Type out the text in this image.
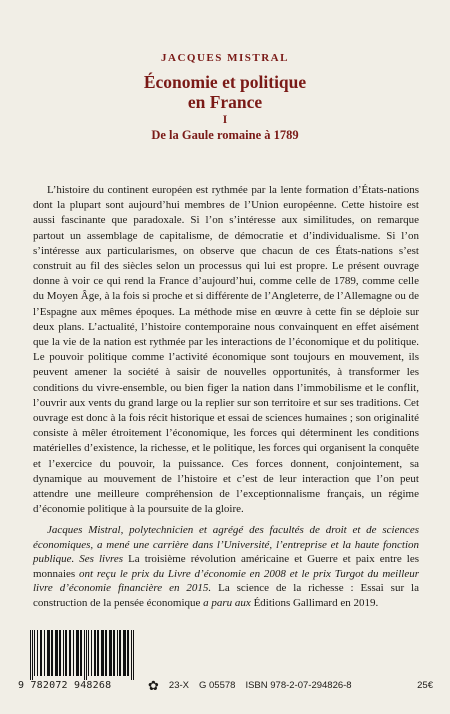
JACQUES MISTRAL
Économie et politique
en France
I
De la Gaule romaine à 1789
L’histoire du continent européen est rythmée par la lente formation d’États-nations dont la plupart sont aujourd’hui membres de l’Union européenne. Cette histoire est aussi fascinante que paradoxale. Si l’on s’intéresse aux similitudes, on remarque partout un assemblage de capitalisme, de démocratie et d’individualisme. Si l’on s’intéresse aux particularismes, on observe que chacun de ces États-nations s’est construit au fil des siècles selon un processus qui lui est propre. Le présent ouvrage donne à voir ce qui rend la France d’aujourd’hui, comme celle de 1789, comme celle du Moyen Âge, à la fois si proche et si différente de l’Angleterre, de l’Allemagne ou de l’Espagne aux mêmes époques. La méthode mise en œuvre à cette fin se déploie sur deux plans. L’actualité, l’histoire contemporaine nous convainquent en effet aisément que la vie de la nation est rythmée par les interactions de l’économique et du politique. Le pouvoir politique comme l’activité économique sont toujours en mouvement, ils peuvent amener la société à saisir de nouvelles opportunités, à transformer les conditions du vivre-ensemble, ou bien figer la nation dans l’immobilisme et le conflit, l’ouvrir aux vents du grand large ou la replier sur son territoire et sur ses traditions. Cet ouvrage est donc à la fois récit historique et essai de sciences humaines ; son originalité consiste à mêler étroitement l’économique, les forces qui déterminent les conditions matérielles d’existence, la richesse, et le politique, les forces qui organisent la conquête et l’exercice du pouvoir, la puissance. Ces forces donnent, conjointement, sa dynamique au mouvement de l’histoire et c’est de leur interaction que l’on peut attendre une meilleure compréhension de l’exceptionnalisme français, un régime d’économie politique à la poursuite de la gloire.
Jacques Mistral, polytechnicien et agrégé des facultés de droit et de sciences économiques, a mené une carrière dans l’Université, l’entreprise et la haute fonction publique. Ses livres La troisième révolution américaine et Guerre et paix entre les monnaies ont reçu le prix du Livre d’économie en 2008 et le prix Turgot du meilleur livre d’économie financière en 2015. La science de la richesse : Essai sur la construction de la pensée économique a paru aux Éditions Gallimard en 2019.
9 782072 948268	✿ 23-X G 05578 ISBN 978-2-07-294826-8	25€
